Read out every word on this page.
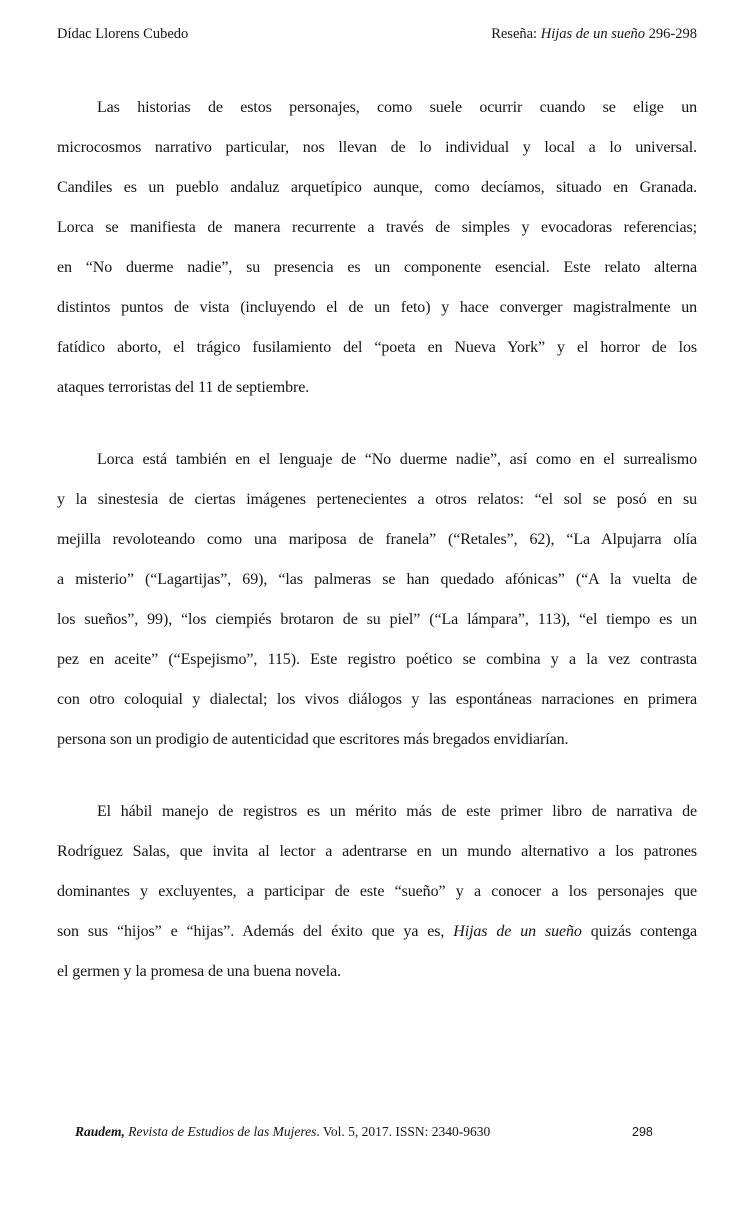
Dídac Llorens Cubedo	Reseña: Hijas de un sueño 296-298
Las historias de estos personajes, como suele ocurrir cuando se elige un
microcosmos narrativo particular, nos llevan de lo individual y local a lo universal.
Candiles es un pueblo andaluz arquetípico aunque, como decíamos, situado en Granada.
Lorca se manifiesta de manera recurrente a través de simples y evocadoras referencias;
en “No duerme nadie”, su presencia es un componente esencial. Este relato alterna
distintos puntos de vista (incluyendo el de un feto) y hace converger magistralmente un
fatídico aborto, el trágico fusilamiento del “poeta en Nueva York” y el horror de los
ataques terroristas del 11 de septiembre.
Lorca está también en el lenguaje de “No duerme nadie”, así como en el surrealismo
y la sinestesia de ciertas imágenes pertenecientes a otros relatos: “el sol se posó en su
mejilla revoloteando como una mariposa de franela” (“Retales”, 62), “La Alpujarra olía
a misterio” (“Lagartijas”, 69), “las palmeras se han quedado afónicas” (“A la vuelta de
los sueños”, 99), “los ciempiés brotaron de su piel” (“La lámpara”, 113), “el tiempo es un
pez en aceite” (“Espejismo”, 115). Este registro poético se combina y a la vez contrasta
con otro coloquial y dialectal; los vivos diálogos y las espontáneas narraciones en primera
persona son un prodigio de autenticidad que escritores más bregados envidiarían.
El hábil manejo de registros es un mérito más de este primer libro de narrativa de
Rodríguez Salas, que invita al lector a adentrarse en un mundo alternativo a los patrones
dominantes y excluyentes, a participar de este “sueño” y a conocer a los personajes que
son sus “hijos” e “hijas”. Además del éxito que ya es, Hijas de un sueño quizás contenga
el germen y la promesa de una buena novela.
Raudem, Revista de Estudios de las Mujeres. Vol. 5, 2017. ISSN: 2340-9630	298
